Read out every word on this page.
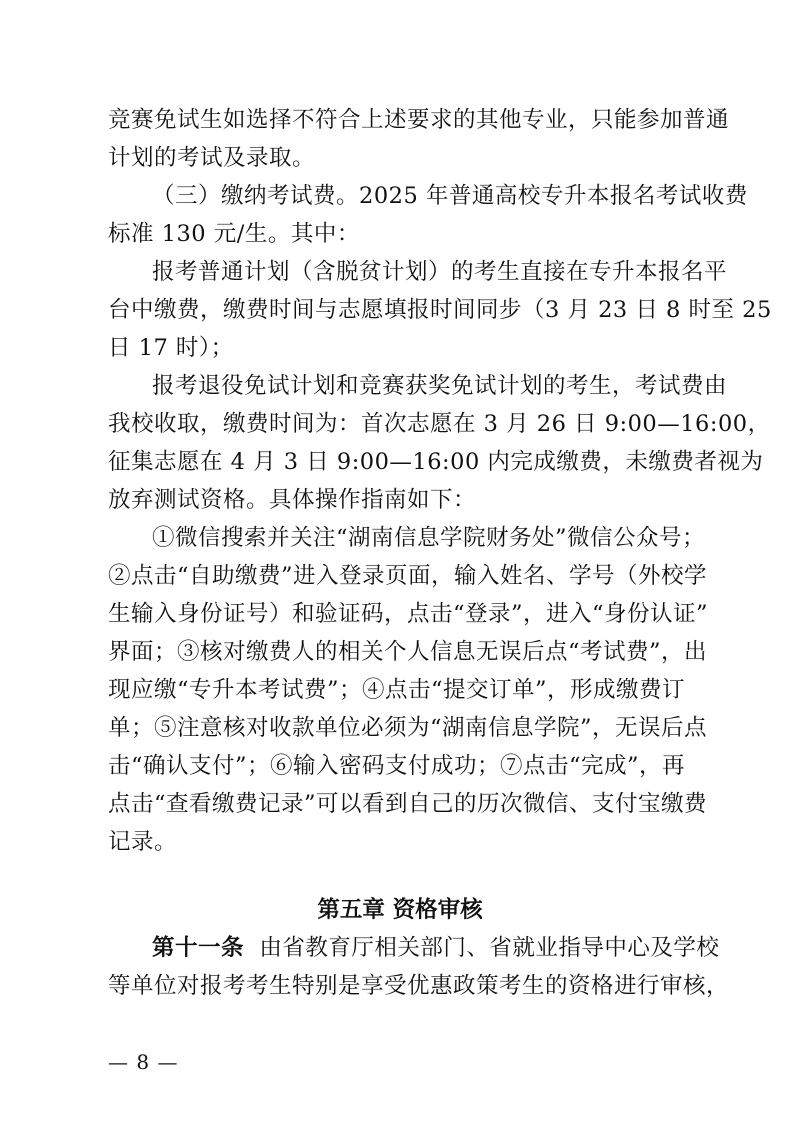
竞赛免试生如选择不符合上述要求的其他专业，只能参加普通
计划的考试及录取。
（三）缴纳考试费。2025 年普通高校专升本报名考试收费
标准 130 元/生。其中：
报考普通计划（含脱贫计划）的考生直接在专升本报名平
台中缴费，缴费时间与志愿填报时间同步（3 月 23 日 8 时至 25
日 17 时）；
报考退役免试计划和竞赛获奖免试计划的考生，考试费由
我校收取，缴费时间为：首次志愿在 3 月 26 日 9:00—16:00，
征集志愿在 4 月 3 日 9:00—16:00 内完成缴费，未缴费者视为
放弃测试资格。具体操作指南如下：
①微信搜索并关注“湖南信息学院财务处”微信公众号；
②点击“自助缴费”进入登录页面，输入姓名、学号（外校学
生输入身份证号）和验证码，点击“登录”，进入“身份认证”
界面；③核对缴费人的相关个人信息无误后点“考试费”，出
现应缴“专升本考试费”；④点击“提交订单”，形成缴费订
单；⑤注意核对收款单位必须为“湖南信息学院”，无误后点
击“确认支付”；⑥输入密码支付成功；⑦点击“完成”，再
点击“查看缴费记录”可以看到自己的历次微信、支付宝缴费
记录。
第五章 资格审核
第十一条  由省教育厅相关部门、省就业指导中心及学校
等单位对报考考生特别是享受优惠政策考生的资格进行审核，
— 8 —
